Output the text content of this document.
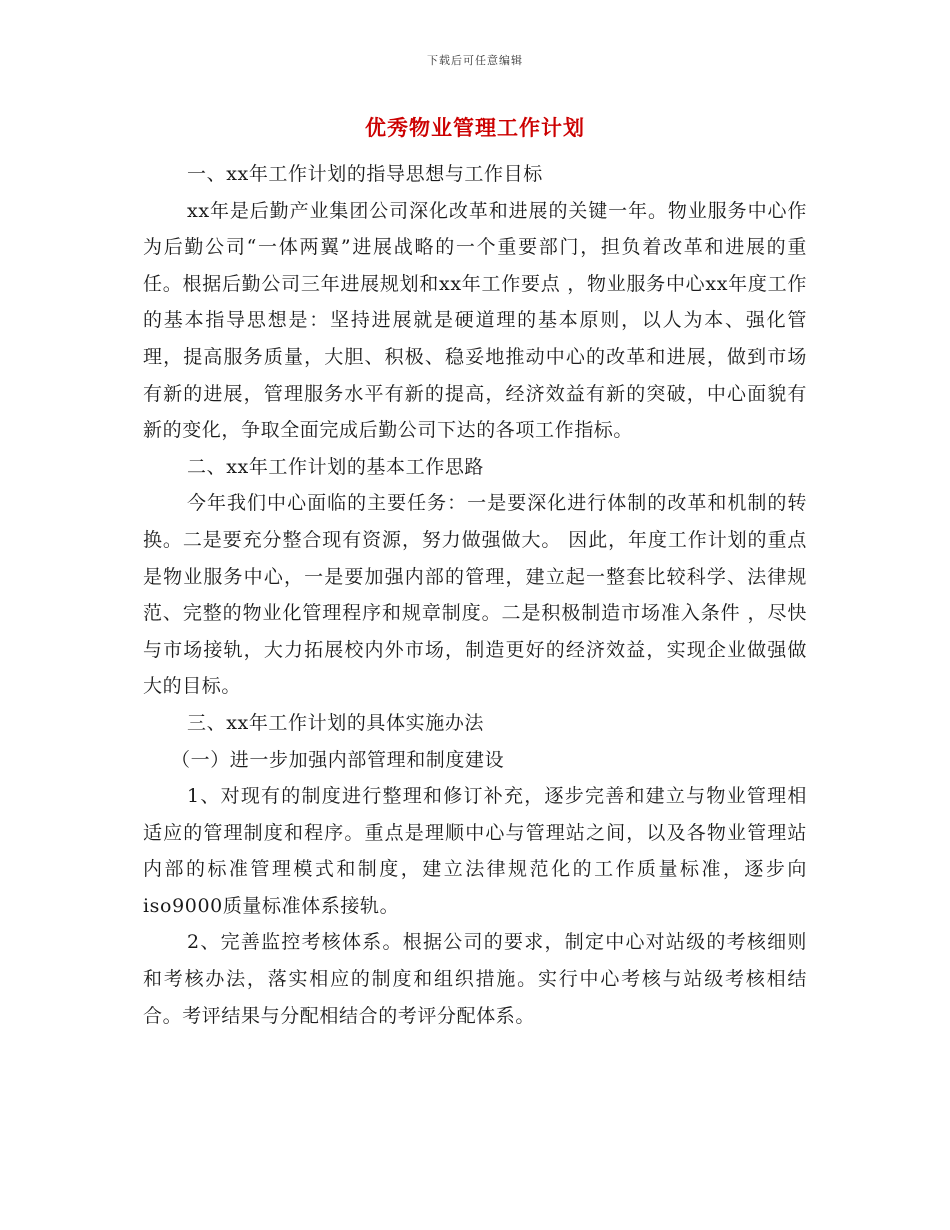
下载后可任意编辑
优秀物业管理工作计划

一、xx年工作计划的指导思想与工作目标

xx年是后勤产业集团公司深化改革和进展的关键一年。物业服务中心作为后勤公司“一体两翼”进展战略的一个重要部门，担负着改革和进展的重任。根据后勤公司三年进展规划和xx年工作要点 ，物业服务中心xx年度工作的基本指导思想是：坚持进展就是硬道理的基本原则，以人为本、强化管理，提高服务质量，大胆、积极、稳妥地推动中心的改革和进展，做到市场有新的进展，管理服务水平有新的提高，经济效益有新的突破，中心面貌有新的变化，争取全面完成后勤公司下达的各项工作指标。

二、xx年工作计划的基本工作思路

今年我们中心面临的主要任务：一是要深化进行体制的改革和机制的转换。二是要充分整合现有资源，努力做强做大。 因此，年度工作计划的重点是物业服务中心，一是要加强内部的管理，建立起一整套比较科学、法律规范、完整的物业化管理程序和规章制度。二是积极制造市场准入条件 ，尽快与市场接轨，大力拓展校内外市场，制造更好的经济效益，实现企业做强做大的目标。

三、xx年工作计划的具体实施办法

（一）进一步加强内部管理和制度建设

1、对现有的制度进行整理和修订补充，逐步完善和建立与物业管理相适应的管理制度和程序。重点是理顺中心与管理站之间，以及各物业管理站内部的标准管理模式和制度，建立法律规范化的工作质量标准，逐步向iso9000质量标准体系接轨。

2、完善监控考核体系。根据公司的要求，制定中心对站级的考核细则和考核办法，落实相应的制度和组织措施。实行中心考核与站级考核相结合。考评结果与分配相结合的考评分配体系。
